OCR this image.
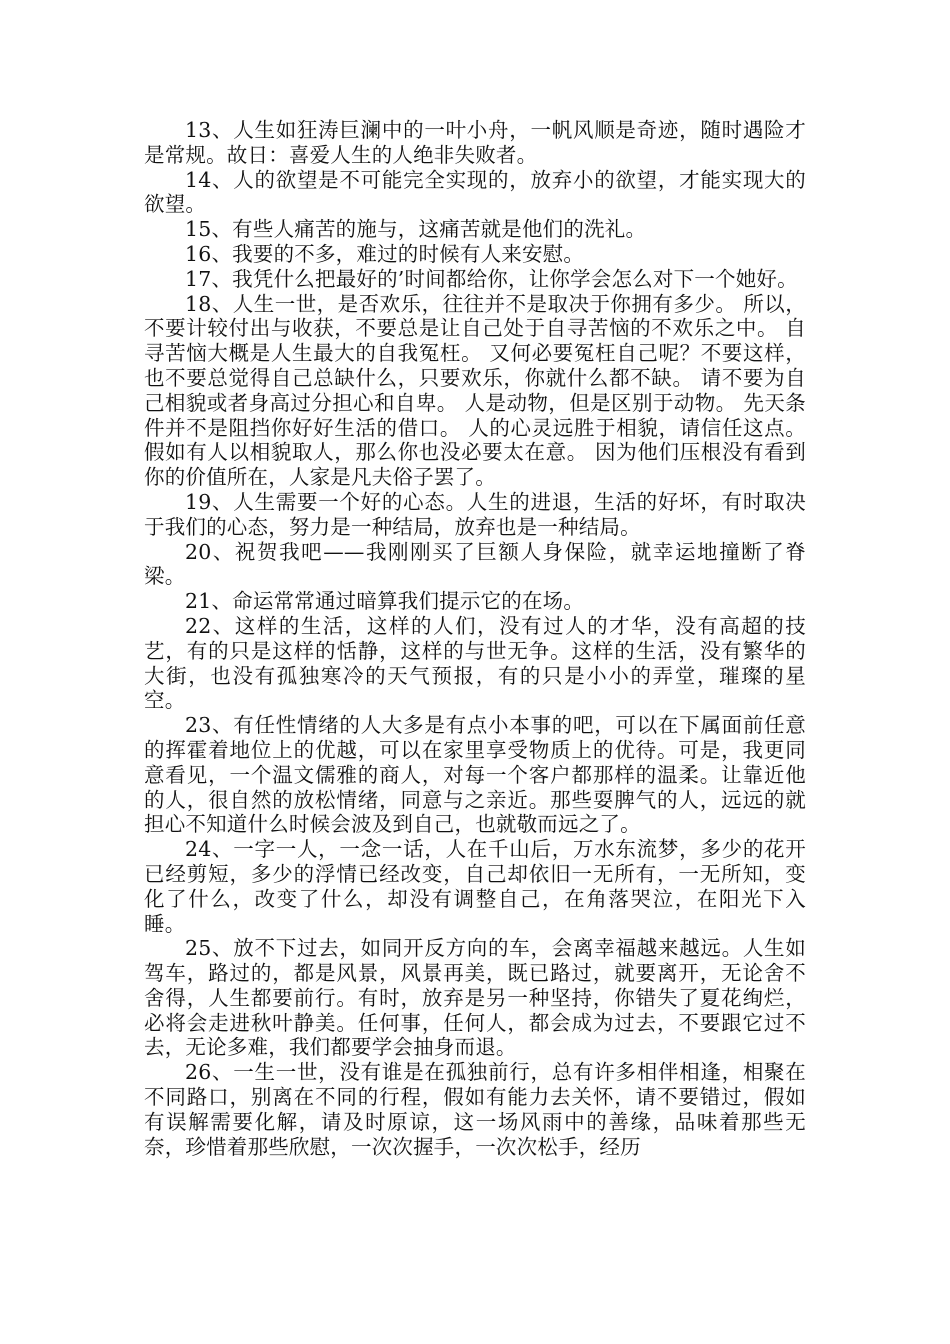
13、人生如狂涛巨澜中的一叶小舟，一帆风顺是奇迹，随时遇险才是常规。故日：喜爱人生的人绝非失败者。

14、人的欲望是不可能完全实现的，放弃小的欲望，才能实现大的欲望。

15、有些人痛苦的施与，这痛苦就是他们的洗礼。

16、我要的不多，难过的时候有人来安慰。

17、我凭什么把最好的’时间都给你，让你学会怎么对下一个她好。

18、人生一世，是否欢乐，往往并不是取决于你拥有多少。 所以，不要计较付出与收获，不要总是让自己处于自寻苦恼的不欢乐之中。 自寻苦恼大概是人生最大的自我冤枉。 又何必要冤枉自己呢？不要这样，也不要总觉得自己总缺什么，只要欢乐，你就什么都不缺。 请不要为自己相貌或者身高过分担心和自卑。 人是动物，但是区别于动物。 先天条件并不是阻挡你好好生活的借口。 人的心灵远胜于相貌，请信任这点。 假如有人以相貌取人，那么你也没必要太在意。 因为他们压根没有看到你的价值所在，人家是凡夫俗子罢了。

19、人生需要一个好的心态。人生的进退，生活的好坏，有时取决于我们的心态，努力是一种结局，放弃也是一种结局。

20、祝贺我吧——我刚刚买了巨额人身保险，就幸运地撞断了脊梁。

21、命运常常通过暗算我们提示它的在场。

22、这样的生活，这样的人们，没有过人的才华，没有高超的技艺，有的只是这样的恬静，这样的与世无争。这样的生活，没有繁华的大街，也没有孤独寒冷的天气预报，有的只是小小的弄堂，璀璨的星空。

23、有任性情绪的人大多是有点小本事的吧，可以在下属面前任意的挥霍着地位上的优越，可以在家里享受物质上的优待。可是，我更同意看见，一个温文儒雅的商人，对每一个客户都那样的温柔。让靠近他的人，很自然的放松情绪，同意与之亲近。那些耍脾气的人，远远的就担心不知道什么时候会波及到自己，也就敬而远之了。

24、一字一人，一念一话，人在千山后，万水东流梦，多少的花开已经剪短，多少的浮情已经改变，自己却依旧一无所有，一无所知，变化了什么，改变了什么，却没有调整自己，在角落哭泣，在阳光下入睡。

25、放不下过去，如同开反方向的车，会离幸福越来越远。人生如驾车，路过的，都是风景，风景再美，既已路过，就要离开，无论舍不舍得，人生都要前行。有时，放弃是另一种坚持，你错失了夏花绚烂，必将会走进秋叶静美。任何事，任何人，都会成为过去，不要跟它过不去，无论多难，我们都要学会抽身而退。

26、一生一世，没有谁是在孤独前行，总有许多相伴相逢，相聚在不同路口，别离在不同的行程，假如有能力去关怀，请不要错过，假如有误解需要化解，请及时原谅，这一场风雨中的善缘，品味着那些无奈，珍惜着那些欣慰，一次次握手，一次次松手，经历
